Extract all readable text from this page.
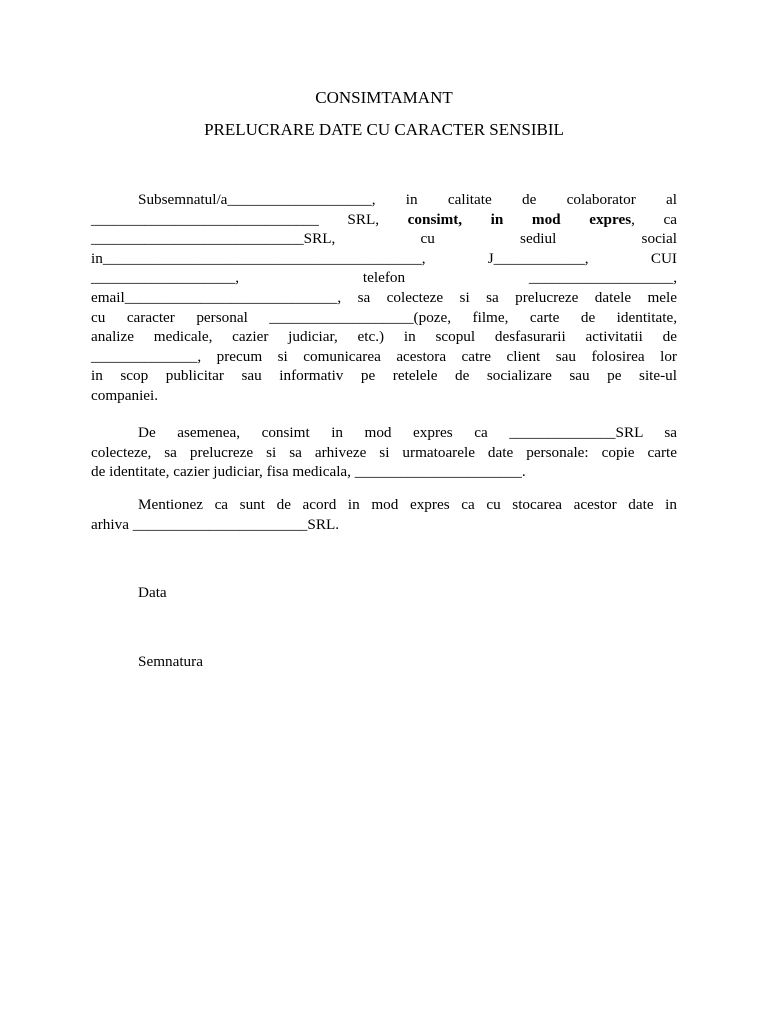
CONSIMTAMANT
PRELUCRARE DATE CU CARACTER SENSIBIL
Subsemnatul/a___________________, in calitate de colaborator al
______________________________ SRL, consimt, in mod expres, ca
____________________________SRL, cu sediul social
in__________________________________________, J____________, CUI
___________________, telefon ___________________,
email____________________________, sa colecteze si sa prelucreze datele mele
cu caracter personal ___________________(poze, filme, carte de identitate,
analize medicale, cazier judiciar, etc.) in scopul desfasurarii activitatii de
______________, precum si comunicarea acestora catre client sau folosirea lor
in scop publicitar sau informativ pe retelele de socializare sau pe site-ul
companiei.
De asemenea, consimt in mod expres ca ______________SRL sa
colecteze, sa prelucreze si sa arhiveze si urmatoarele date personale: copie carte
de identitate, cazier judiciar, fisa medicala, ______________________.
Mentionez ca sunt de acord in mod expres ca cu stocarea acestor date in
arhiva _______________________SRL.
Data
Semnatura
